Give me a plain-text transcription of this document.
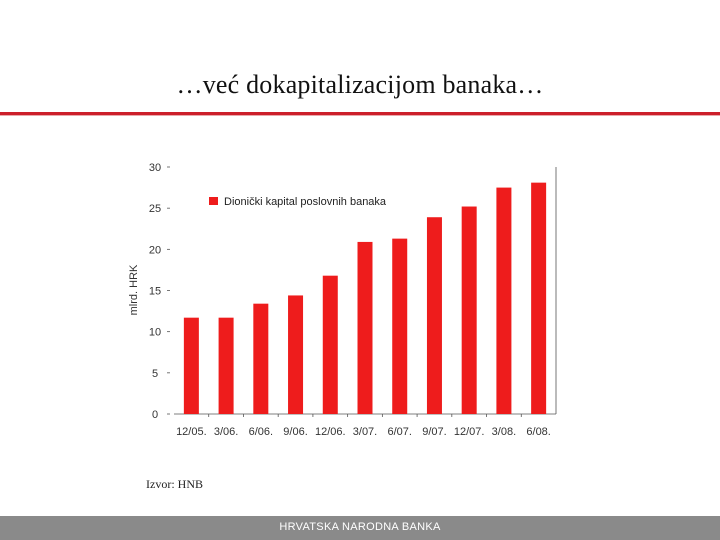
…već dokapitalizacijom banaka…
0
5
10
15
20
25
30
12/05. 3/06. 6/06. 9/06. 12/06. 3/07. 6/07. 9/07. 12/07. 3/08. 6/08.
Dionički kapital poslovnih banaka
mlrd. HRK
Izvor: HNB
HRVATSKA NARODNA BANKA
